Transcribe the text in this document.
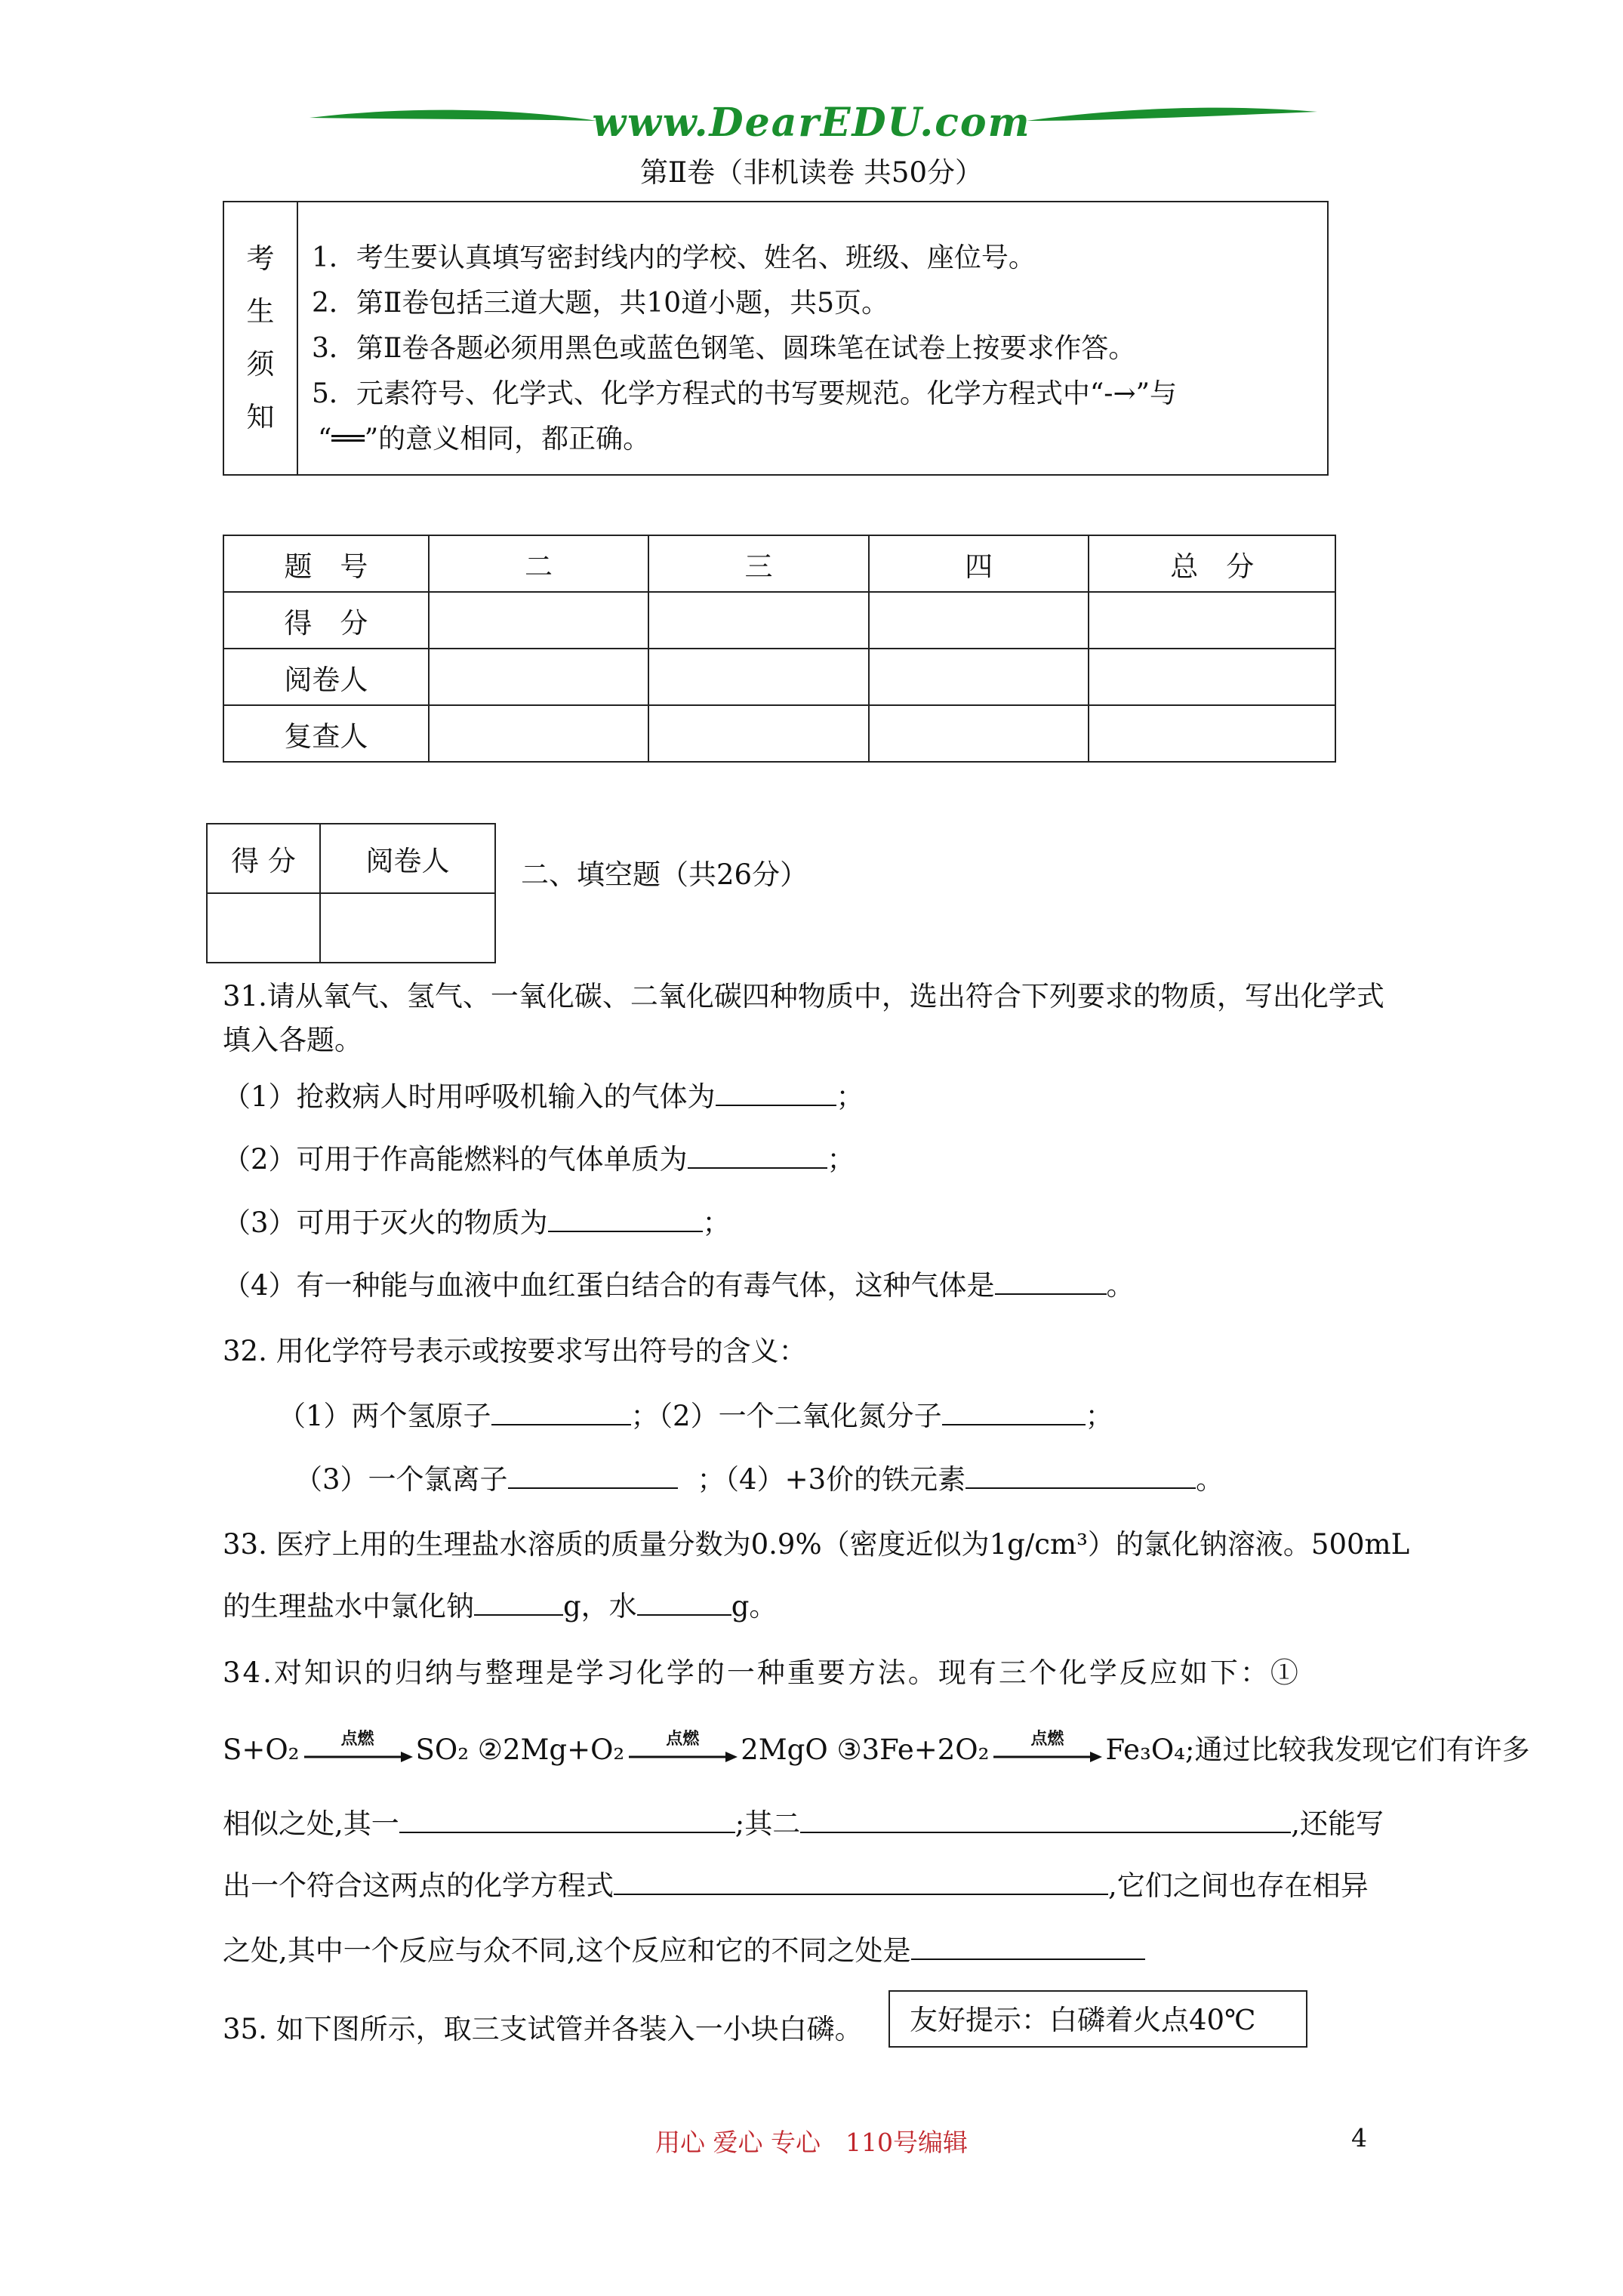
www.DearEDU.com
第Ⅱ卷（非机读卷 共50分）
考
生
须
知

1．考生要认真填写密封线内的学校、姓名、班级、座位号。
2．第Ⅱ卷包括三道大题，共10道小题，共5页。
3．第Ⅱ卷各题必须用黑色或蓝色钢笔、圆珠笔在试卷上按要求作答。
5．元素符号、化学式、化学方程式的书写要规范。化学方程式中“-→”与
“══”的意义相同，都正确。
题　号	二	三	四	总　分
得　分				
阅卷人				
复查人				
得 分	阅卷人
		二、填空题（共26分）
31.请从氧气、氢气、一氧化碳、二氧化碳四种物质中，选出符合下列要求的物质，写出化学式
填入各题。
（1）抢救病人时用呼吸机输入的气体为	；
（2）可用于作高能燃料的气体单质为	；
（3）可用于灭火的物质为	；
（4）有一种能与血液中血红蛋白结合的有毒气体，这种气体是	。
32. 用化学符号表示或按要求写出符号的含义：
（1）两个氢原子	；（2）一个二氧化氮分子	；
（3）一个氯离子	；（4）+3价的铁元素	。
33. 医疗上用的生理盐水溶质的质量分数为0.9%（密度近似为1g/cm³）的氯化钠溶液。500mL
的生理盐水中氯化钠	g，水	g。
34.对知识的归纳与整理是学习化学的一种重要方法。现有三个化学反应如下：①
S+O₂	点燃	SO₂ ②2Mg+O₂	点燃	2MgO ③3Fe+2O₂	点燃	Fe₃O₄;通过比较我发现它们有许多
相似之处,其一	;其二	,还能写
出一个符合这两点的化学方程式	,它们之间也存在相异
之处,其中一个反应与众不同,这个反应和它的不同之处是
35. 如下图所示，取三支试管并各装入一小块白磷。	友好提示：白磷着火点40℃
用心 爱心 专心　110号编辑	4
